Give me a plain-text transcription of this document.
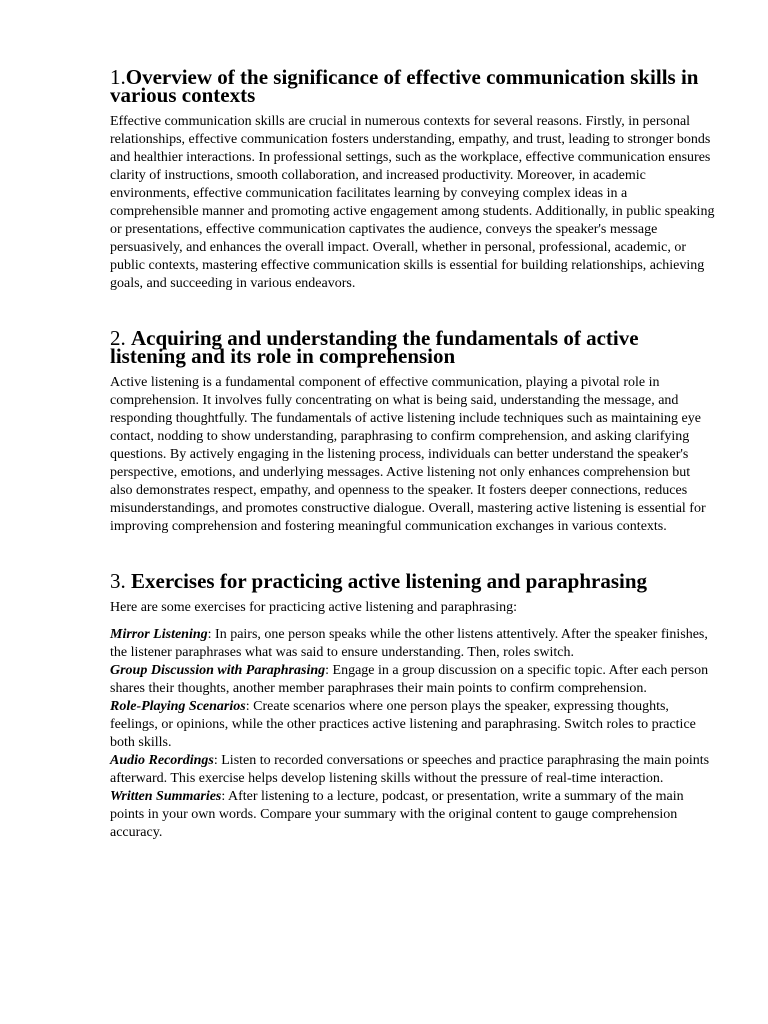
1.Overview of the significance of effective communication skills in various contexts

Effective communication skills are crucial in numerous contexts for several reasons. Firstly, in personal relationships, effective communication fosters understanding, empathy, and trust, leading to stronger bonds and healthier interactions. In professional settings, such as the workplace, effective communication ensures clarity of instructions, smooth collaboration, and increased productivity. Moreover, in academic environments, effective communication facilitates learning by conveying complex ideas in a comprehensible manner and promoting active engagement among students. Additionally, in public speaking or presentations, effective communication captivates the audience, conveys the speaker's message persuasively, and enhances the overall impact. Overall, whether in personal, professional, academic, or public contexts, mastering effective communication skills is essential for building relationships, achieving goals, and succeeding in various endeavors.

2. Acquiring and understanding the fundamentals of active listening and its role in comprehension

Active listening is a fundamental component of effective communication, playing a pivotal role in comprehension. It involves fully concentrating on what is being said, understanding the message, and responding thoughtfully. The fundamentals of active listening include techniques such as maintaining eye contact, nodding to show understanding, paraphrasing to confirm comprehension, and asking clarifying questions. By actively engaging in the listening process, individuals can better understand the speaker's perspective, emotions, and underlying messages. Active listening not only enhances comprehension but also demonstrates respect, empathy, and openness to the speaker. It fosters deeper connections, reduces misunderstandings, and promotes constructive dialogue. Overall, mastering active listening is essential for improving comprehension and fostering meaningful communication exchanges in various contexts.

3. Exercises for practicing active listening and paraphrasing

Here are some exercises for practicing active listening and paraphrasing:

Mirror Listening: In pairs, one person speaks while the other listens attentively. After the speaker finishes, the listener paraphrases what was said to ensure understanding. Then, roles switch.

Group Discussion with Paraphrasing: Engage in a group discussion on a specific topic. After each person shares their thoughts, another member paraphrases their main points to confirm comprehension.

Role-Playing Scenarios: Create scenarios where one person plays the speaker, expressing thoughts, feelings, or opinions, while the other practices active listening and paraphrasing. Switch roles to practice both skills.

Audio Recordings: Listen to recorded conversations or speeches and practice paraphrasing the main points afterward. This exercise helps develop listening skills without the pressure of real-time interaction.

Written Summaries: After listening to a lecture, podcast, or presentation, write a summary of the main points in your own words. Compare your summary with the original content to gauge comprehension accuracy.
